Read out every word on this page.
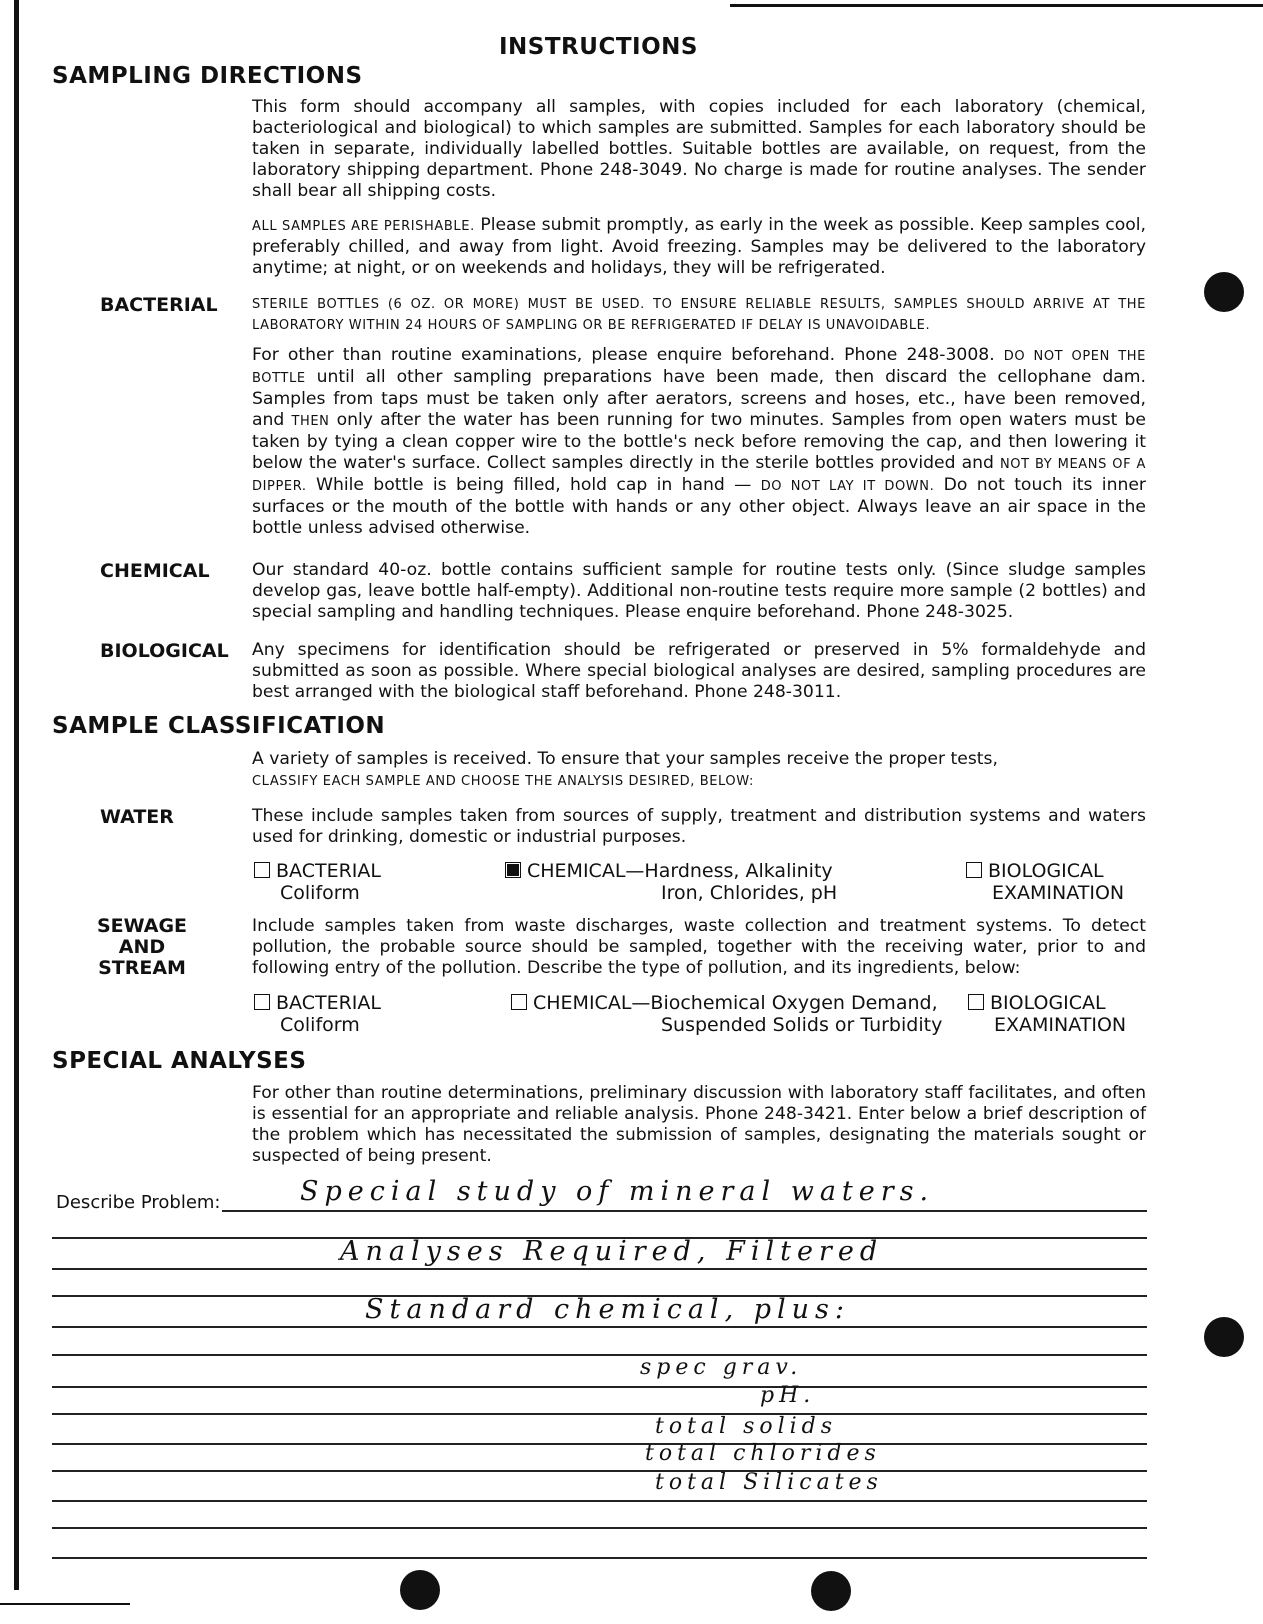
INSTRUCTIONS
SAMPLING DIRECTIONS
This form should accompany all samples, with copies included for each laboratory (chemical, bacteriological and biological) to which samples are submitted. Samples for each laboratory should be taken in separate, individually labelled bottles. Suitable bottles are available, on request, from the laboratory shipping department. Phone 248-3049. No charge is made for routine analyses. The sender shall bear all shipping costs.
ALL SAMPLES ARE PERISHABLE. Please submit promptly, as early in the week as possible. Keep samples cool, preferably chilled, and away from light. Avoid freezing. Samples may be delivered to the laboratory anytime; at night, or on weekends and holidays, they will be refrigerated.
BACTERIAL	STERILE BOTTLES (6 OZ. OR MORE) MUST BE USED. TO ENSURE RELIABLE RESULTS, SAMPLES SHOULD ARRIVE AT THE LABORATORY WITHIN 24 HOURS OF SAMPLING OR BE REFRIGERATED IF DELAY IS UNAVOIDABLE.
For other than routine examinations, please enquire beforehand. Phone 248-3008. DO NOT OPEN THE BOTTLE until all other sampling preparations have been made, then discard the cellophane dam. Samples from taps must be taken only after aerators, screens and hoses, etc., have been removed, and THEN only after the water has been running for two minutes. Samples from open waters must be taken by tying a clean copper wire to the bottle's neck before removing the cap, and then lowering it below the water's surface. Collect samples directly in the sterile bottles provided and NOT BY MEANS OF A DIPPER. While bottle is being filled, hold cap in hand — DO NOT LAY IT DOWN. Do not touch its inner surfaces or the mouth of the bottle with hands or any other object. Always leave an air space in the bottle unless advised otherwise.
CHEMICAL Our standard 40-oz. bottle contains sufficient sample for routine tests only. (Since sludge samples develop gas, leave bottle half-empty). Additional non-routine tests require more sample (2 bottles) and special sampling and handling techniques. Please enquire beforehand. Phone 248-3025.
BIOLOGICAL Any specimens for identification should be refrigerated or preserved in 5% formaldehyde and submitted as soon as possible. Where special biological analyses are desired, sampling procedures are best arranged with the biological staff beforehand. Phone 248-3011.
SAMPLE CLASSIFICATION
A variety of samples is received. To ensure that your samples receive the proper tests,
CLASSIFY EACH SAMPLE AND CHOOSE THE ANALYSIS DESIRED, BELOW:
WATER	These include samples taken from sources of supply, treatment and distribution systems and waters used for drinking, domestic or industrial purposes.
BACTERIAL
Coliform
CHEMICAL—Hardness, Alkalinity
Iron, Chlorides, pH
BIOLOGICAL
EXAMINATION
SEWAGE
AND
STREAM
Include samples taken from waste discharges, waste collection and treatment systems. To detect pollution, the probable source should be sampled, together with the receiving water, prior to and following entry of the pollution. Describe the type of pollution, and its ingredients, below:
BACTERIAL
Coliform
CHEMICAL—Biochemical Oxygen Demand,
Suspended Solids or Turbidity
BIOLOGICAL
EXAMINATION
SPECIAL ANALYSES
For other than routine determinations, preliminary discussion with laboratory staff facilitates, and often is essential for an appropriate and reliable analysis. Phone 248-3421. Enter below a brief description of the problem which has necessitated the submission of samples, designating the materials sought or suspected of being present.
Describe Problem:	Special study of mineral waters.
Analyses Required, Filtered
Standard chemical, plus:
spec grav.
pH.
total solids
total chlorides
total Silicates
